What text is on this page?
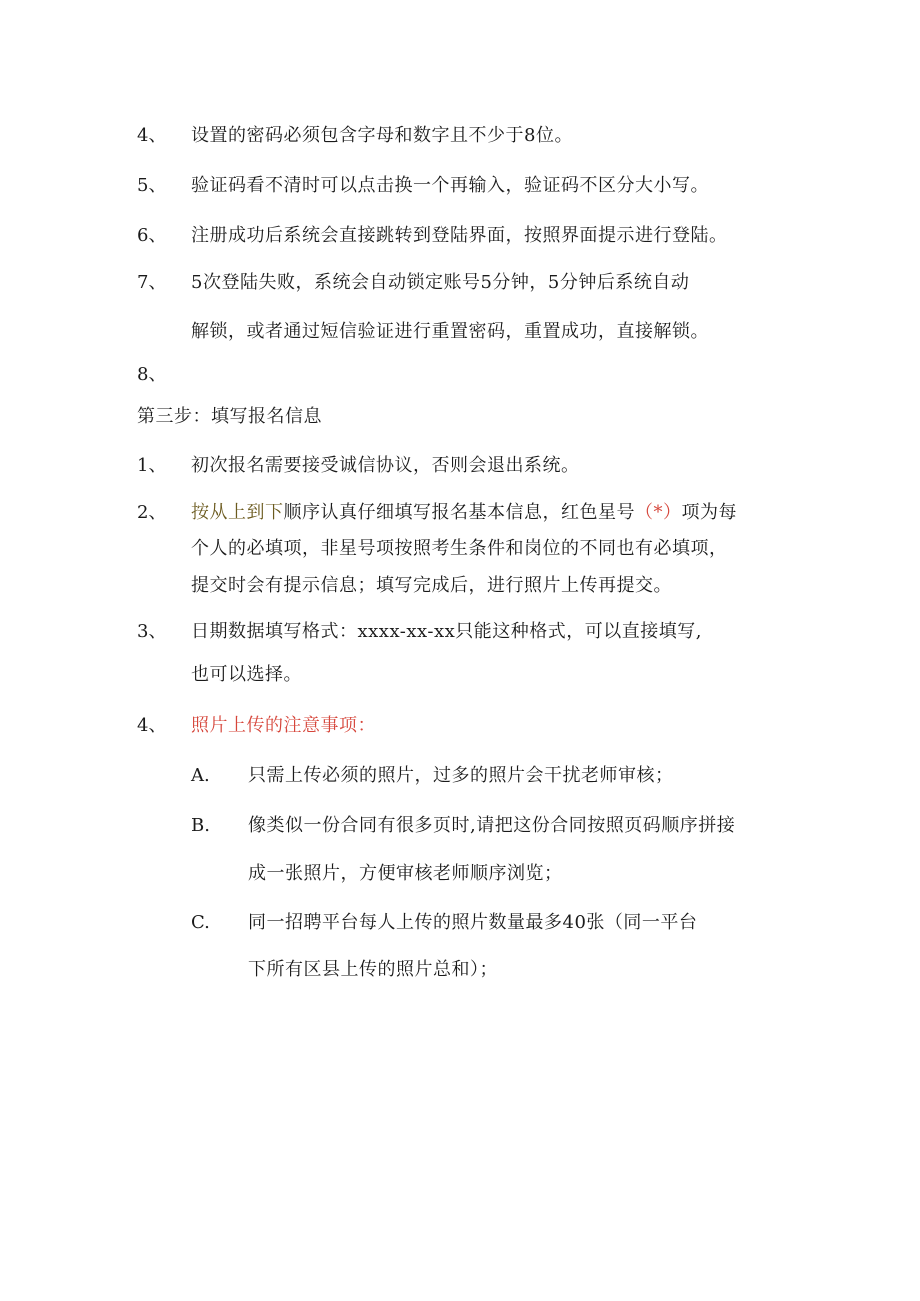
4、 设置的密码必须包含字母和数字且不少于8位。
5、 验证码看不清时可以点击换一个再输入，验证码不区分大小写。
6、 注册成功后系统会直接跳转到登陆界面，按照界面提示进行登陆。
7、 5次登陆失败，系统会自动锁定账号5分钟，5分钟后系统自动
解锁，或者通过短信验证进行重置密码，重置成功，直接解锁。
8、
第三步：填写报名信息
1、 初次报名需要接受诚信协议，否则会退出系统。
2、 按从上到下顺序认真仔细填写报名基本信息，红色星号（*）项为每
个人的必填项，非星号项按照考生条件和岗位的不同也有必填项，
提交时会有提示信息；填写完成后，进行照片上传再提交。
3、 日期数据填写格式：xxxx-xx-xx只能这种格式，可以直接填写,
也可以选择。
4、 照片上传的注意事项：
A. 只需上传必须的照片，过多的照片会干扰老师审核；
B. 像类似一份合同有很多页时,请把这份合同按照页码顺序拼接
成一张照片，方便审核老师顺序浏览；
C. 同一招聘平台每人上传的照片数量最多40张（同一平台
下所有区县上传的照片总和）；
